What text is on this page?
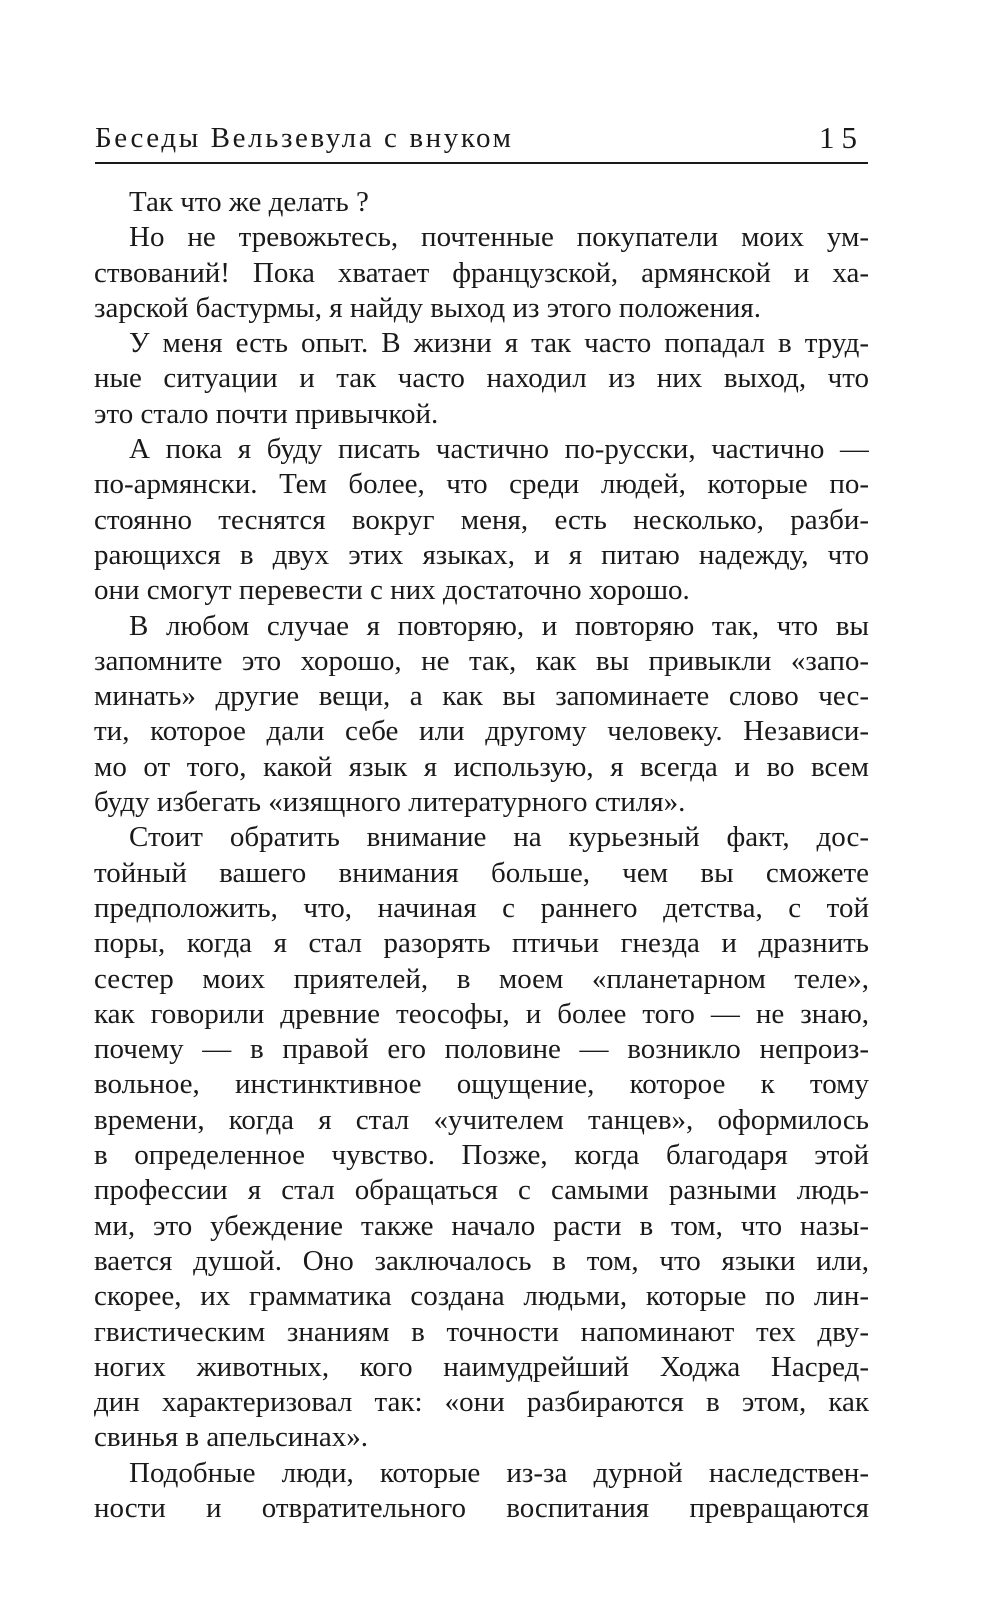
Беседы Вельзевула с внуком	15
Так что же делать ?
Но не тревожьтесь, почтенные покупатели моих ум-
ствований! Пока хватает французской, армянской и ха-
зарской бастурмы, я найду выход из этого положения.
У меня есть опыт. В жизни я так часто попадал в труд-
ные ситуации и так часто находил из них выход, что
это стало почти привычкой.
А пока я буду писать частично по-русски, частично —
по-армянски. Тем более, что среди людей, которые по-
стоянно теснятся вокруг меня, есть несколько, разби-
рающихся в двух этих языках, и я питаю надежду, что
они смогут перевести с них достаточно хорошо.
В любом случае я повторяю, и повторяю так, что вы
запомните это хорошо, не так, как вы привыкли «запо-
минать» другие вещи, а как вы запоминаете слово чес-
ти, которое дали себе или другому человеку. Независи-
мо от того, какой язык я использую, я всегда и во всем
буду избегать «изящного литературного стиля».
Стоит обратить внимание на курьезный факт, дос-
тойный вашего внимания больше, чем вы сможете
предположить, что, начиная с раннего детства, с той
поры, когда я стал разорять птичьи гнезда и дразнить
сестер моих приятелей, в моем «планетарном теле»,
как говорили древние теософы, и более того — не знаю,
почему — в правой его половине — возникло непроиз-
вольное, инстинктивное ощущение, которое к тому
времени, когда я стал «учителем танцев», оформилось
в определенное чувство. Позже, когда благодаря этой
профессии я стал обращаться с самыми разными людь-
ми, это убеждение также начало расти в том, что назы-
вается душой. Оно заключалось в том, что языки или,
скорее, их грамматика создана людьми, которые по лин-
гвистическим знаниям в точности напоминают тех дву-
ногих животных, кого наимудрейший Ходжа Насред-
дин характеризовал так: «они разбираются в этом, как
свинья в апельсинах».
Подобные люди, которые из-за дурной наследствен-
ности и отвратительного воспитания превращаются
